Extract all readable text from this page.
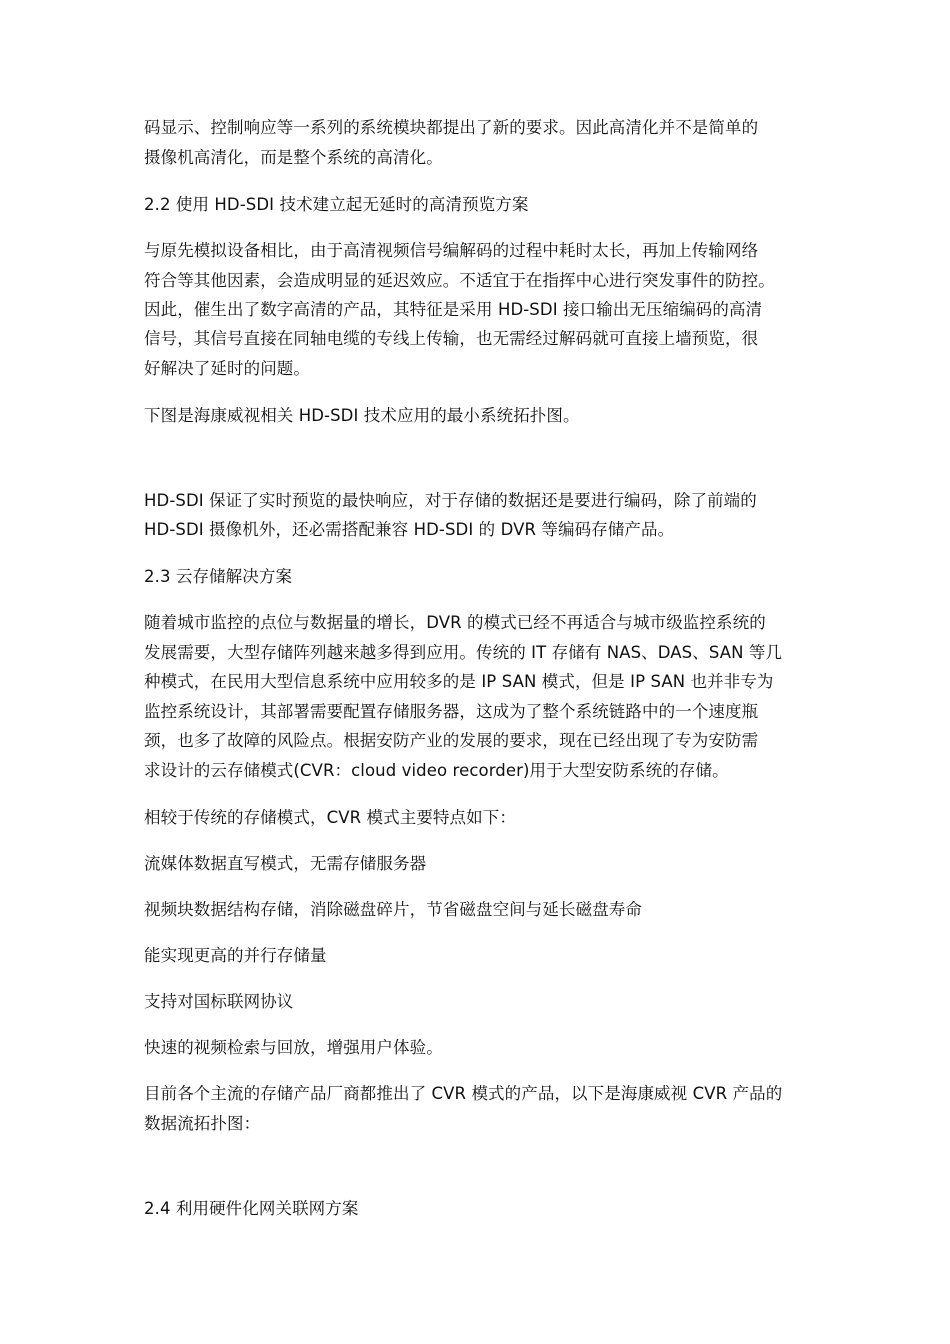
码显示、控制响应等一系列的系统模块都提出了新的要求。因此高清化并不是简单的
摄像机高清化，而是整个系统的高清化。
2.2 使用 HD-SDI 技术建立起无延时的高清预览方案
与原先模拟设备相比，由于高清视频信号编解码的过程中耗时太长，再加上传输网络
符合等其他因素，会造成明显的延迟效应。不适宜于在指挥中心进行突发事件的防控。
因此，催生出了数字高清的产品，其特征是采用 HD-SDI 接口输出无压缩编码的高清
信号，其信号直接在同轴电缆的专线上传输，也无需经过解码就可直接上墙预览，很
好解决了延时的问题。
下图是海康威视相关 HD-SDI 技术应用的最小系统拓扑图。
HD-SDI 保证了实时预览的最快响应，对于存储的数据还是要进行编码，除了前端的
HD-SDI 摄像机外，还必需搭配兼容 HD-SDI 的 DVR 等编码存储产品。
2.3 云存储解决方案
随着城市监控的点位与数据量的增长，DVR 的模式已经不再适合与城市级监控系统的
发展需要，大型存储阵列越来越多得到应用。传统的 IT 存储有 NAS、DAS、SAN 等几
种模式，在民用大型信息系统中应用较多的是 IP SAN 模式，但是 IP SAN 也并非专为
监控系统设计，其部署需要配置存储服务器，这成为了整个系统链路中的一个速度瓶
颈，也多了故障的风险点。根据安防产业的发展的要求，现在已经出现了专为安防需
求设计的云存储模式(CVR：cloud video recorder)用于大型安防系统的存储。
相较于传统的存储模式，CVR 模式主要特点如下：
流媒体数据直写模式，无需存储服务器
视频块数据结构存储，消除磁盘碎片，节省磁盘空间与延长磁盘寿命
能实现更高的并行存储量
支持对国标联网协议
快速的视频检索与回放，增强用户体验。
目前各个主流的存储产品厂商都推出了 CVR 模式的产品，以下是海康威视 CVR 产品的
数据流拓扑图：
2.4 利用硬件化网关联网方案
